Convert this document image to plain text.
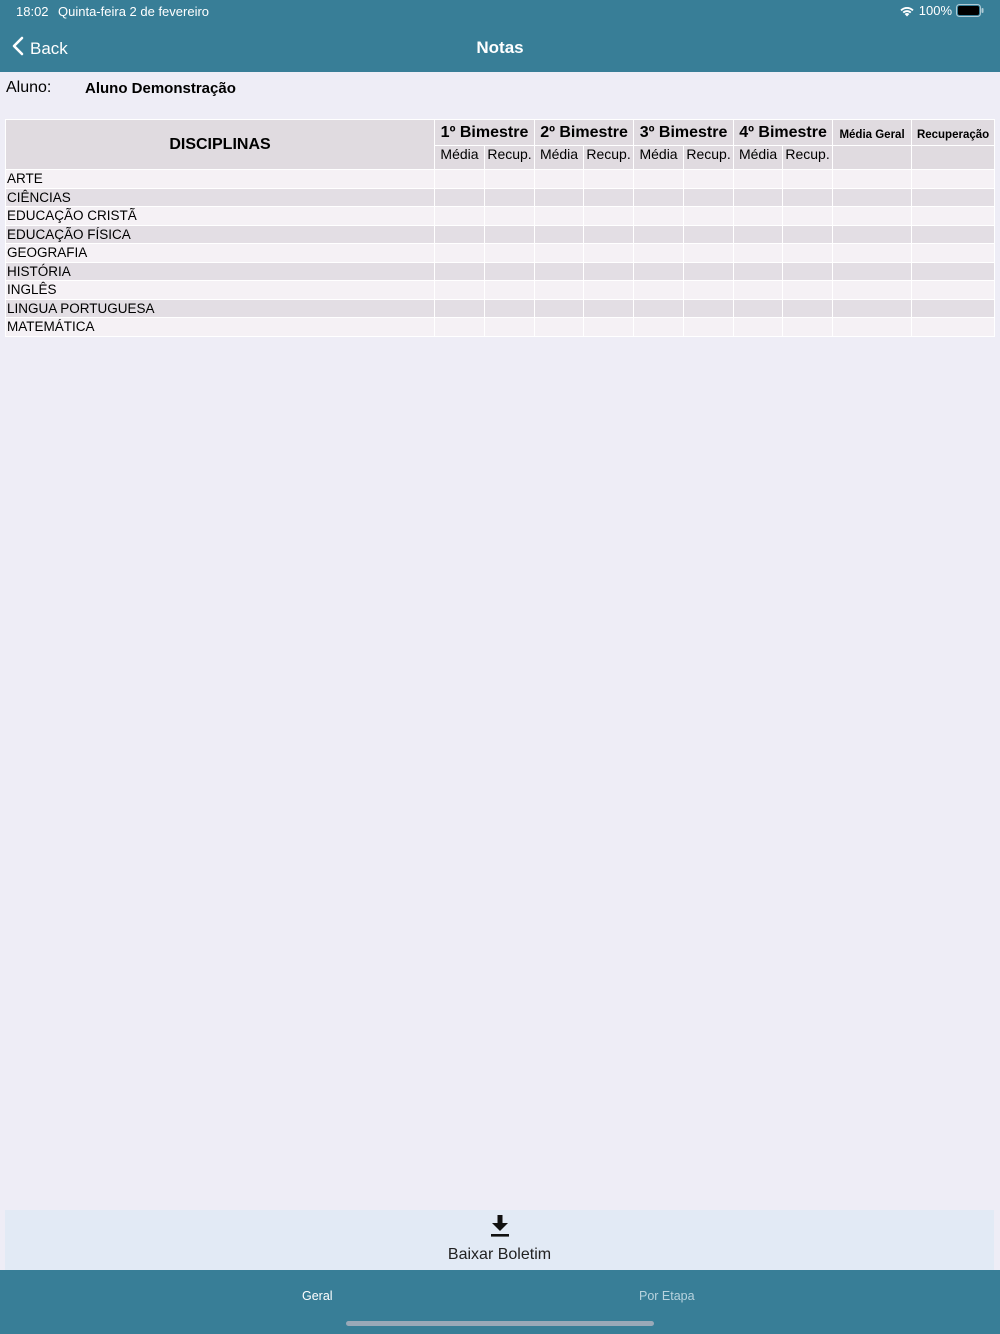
18:02 Quinta-feira 2 de fevereiro	100%
Back	Notas
Aluno: Aluno Demonstração
DISCIPLINAS	1º Bimestre		2º Bimestre		3º Bimestre		4º Bimestre		Média Geral	Recuperação
	Média	Recup.	Média	Recup.	Média	Recup.	Média	Recup.		
ARTE										
CIÊNCIAS										
EDUCAÇÃO CRISTÃ										
EDUCAÇÃO FÍSICA										
GEOGRAFIA										
HISTÓRIA										
INGLÊS										
LINGUA PORTUGUESA										
MATEMÁTICA										
Baixar Boletim
Geral	Por Etapa
